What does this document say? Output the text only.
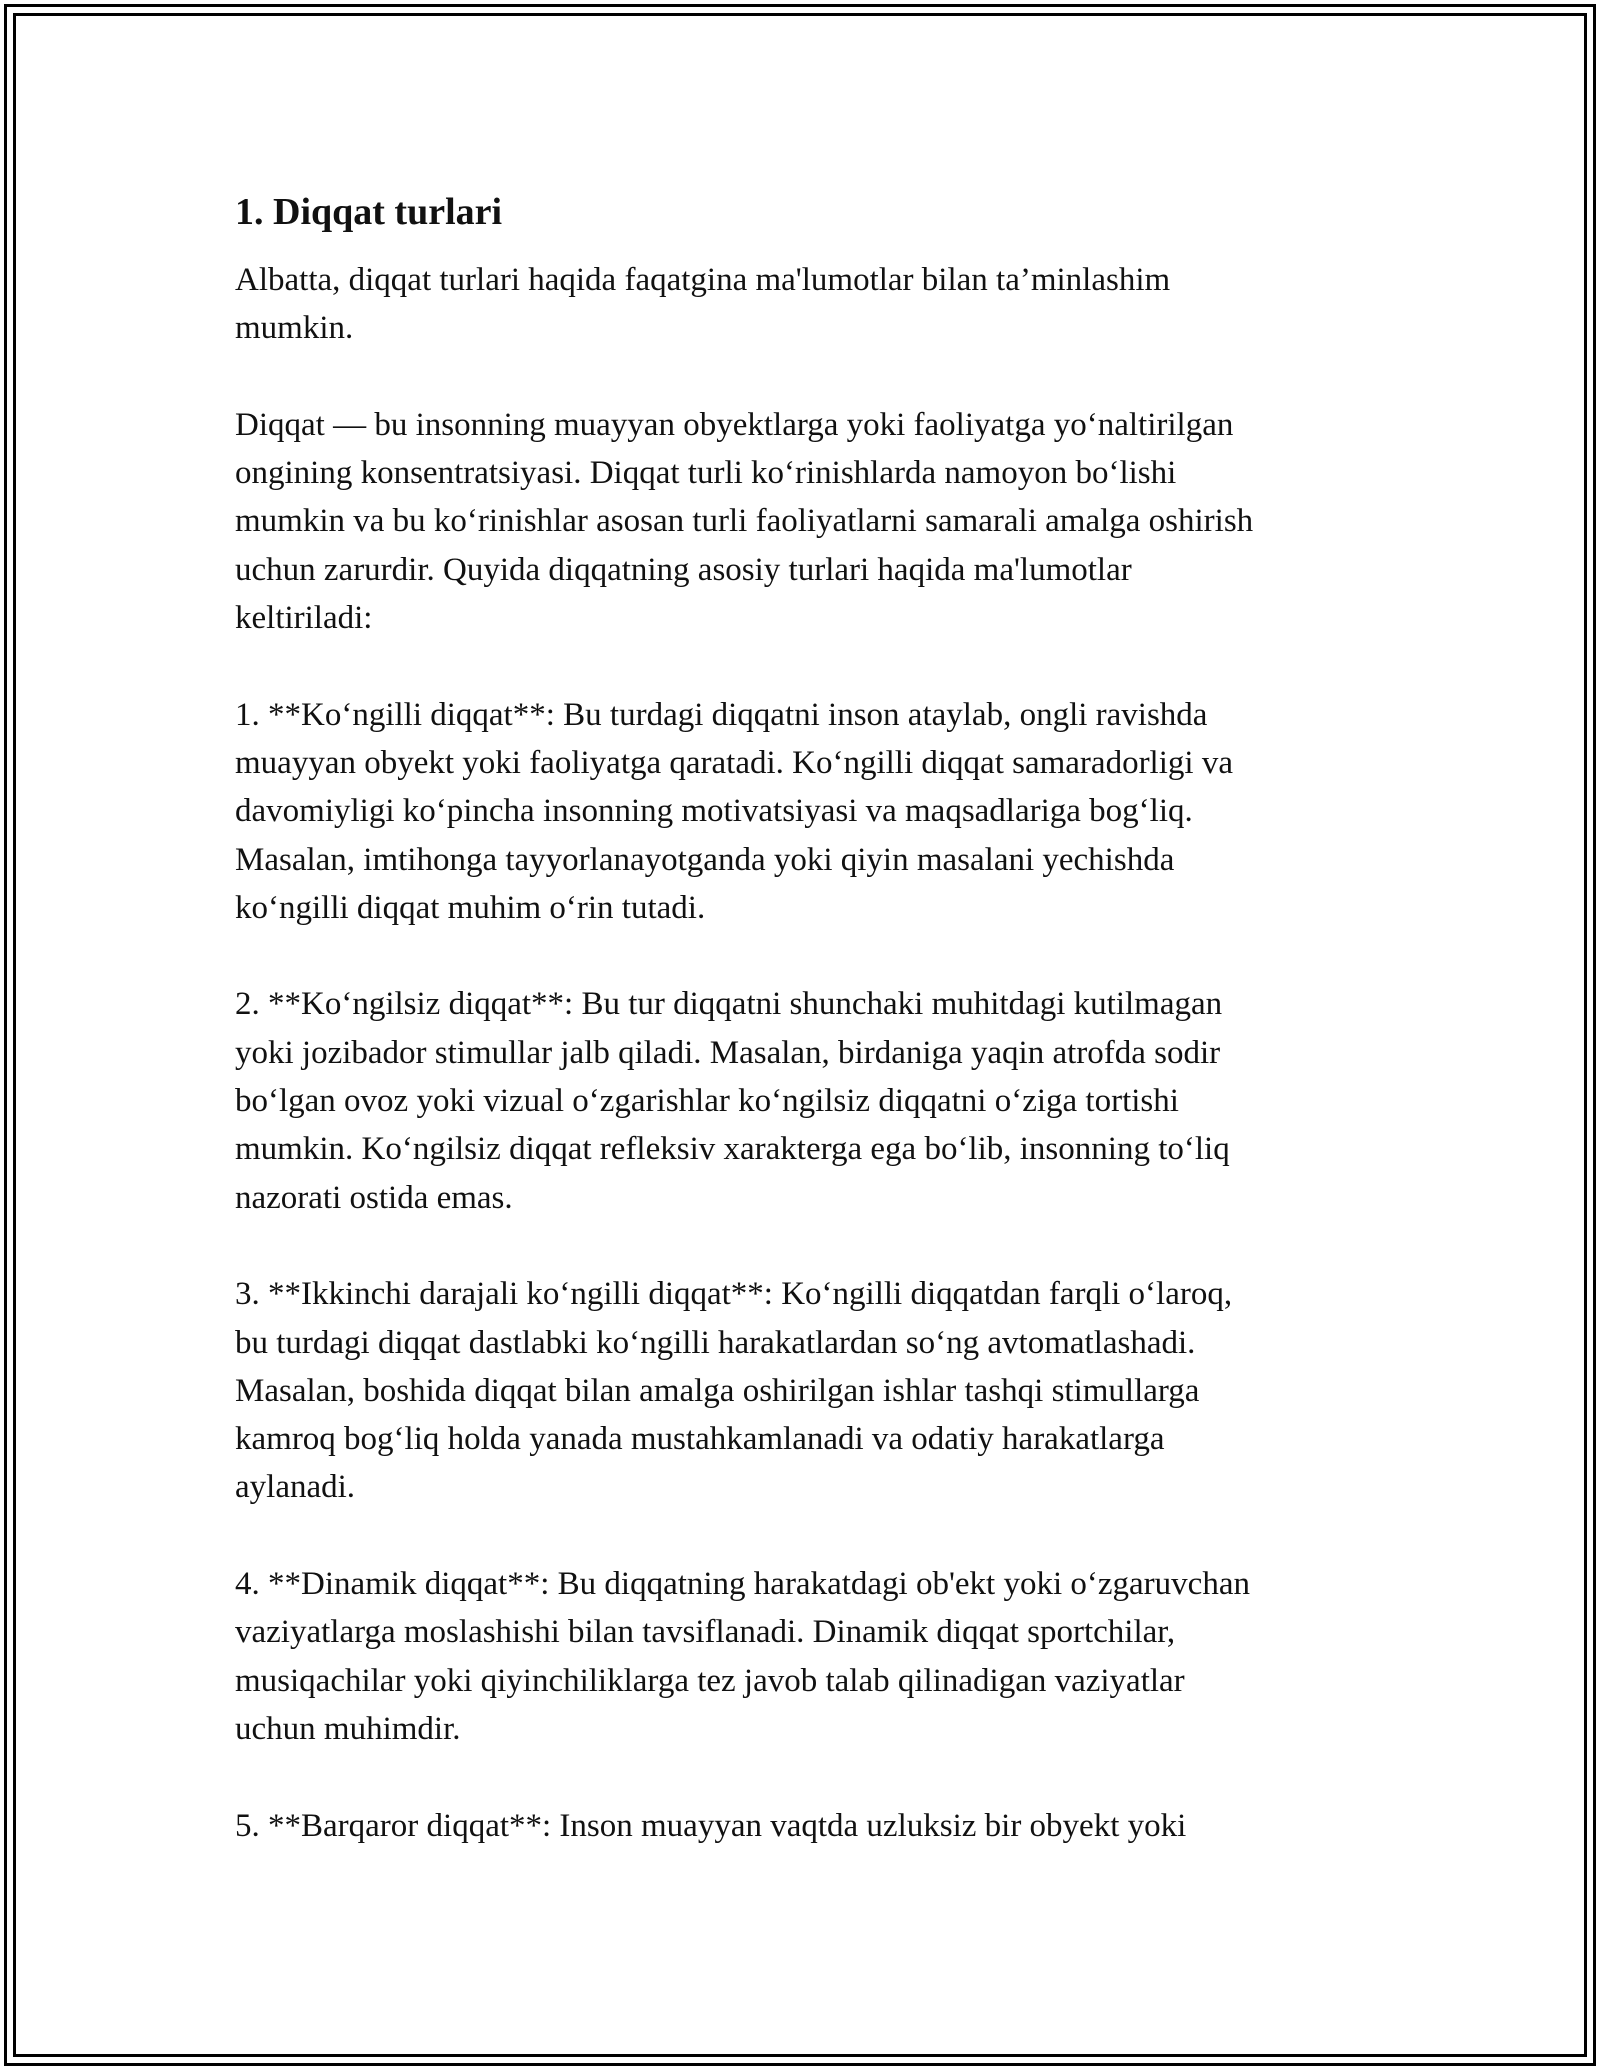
1. Diqqat turlari

Albatta, diqqat turlari haqida faqatgina ma'lumotlar bilan ta’minlashim
mumkin.

Diqqat — bu insonning muayyan obyektlarga yoki faoliyatga yo‘naltirilgan
ongining konsentratsiyasi. Diqqat turli ko‘rinishlarda namoyon bo‘lishi
mumkin va bu ko‘rinishlar asosan turli faoliyatlarni samarali amalga oshirish
uchun zarurdir. Quyida diqqatning asosiy turlari haqida ma'lumotlar
keltiriladi:

1. **Ko‘ngilli diqqat**: Bu turdagi diqqatni inson ataylab, ongli ravishda
muayyan obyekt yoki faoliyatga qaratadi. Ko‘ngilli diqqat samaradorligi va
davomiyligi ko‘pincha insonning motivatsiyasi va maqsadlariga bog‘liq.
Masalan, imtihonga tayyorlanayotganda yoki qiyin masalani yechishda
ko‘ngilli diqqat muhim o‘rin tutadi.

2. **Ko‘ngilsiz diqqat**: Bu tur diqqatni shunchaki muhitdagi kutilmagan
yoki jozibador stimullar jalb qiladi. Masalan, birdaniga yaqin atrofda sodir
bo‘lgan ovoz yoki vizual o‘zgarishlar ko‘ngilsiz diqqatni o‘ziga tortishi
mumkin. Ko‘ngilsiz diqqat refleksiv xarakterga ega bo‘lib, insonning to‘liq
nazorati ostida emas.

3. **Ikkinchi darajali ko‘ngilli diqqat**: Ko‘ngilli diqqatdan farqli o‘laroq,
bu turdagi diqqat dastlabki ko‘ngilli harakatlardan so‘ng avtomatlashadi.
Masalan, boshida diqqat bilan amalga oshirilgan ishlar tashqi stimullarga
kamroq bog‘liq holda yanada mustahkamlanadi va odatiy harakatlarga
aylanadi.

4. **Dinamik diqqat**: Bu diqqatning harakatdagi ob'ekt yoki o‘zgaruvchan
vaziyatlarga moslashishi bilan tavsiflanadi. Dinamik diqqat sportchilar,
musiqachilar yoki qiyinchiliklarga tez javob talab qilinadigan vaziyatlar
uchun muhimdir.

5. **Barqaror diqqat**: Inson muayyan vaqtda uzluksiz bir obyekt yoki
